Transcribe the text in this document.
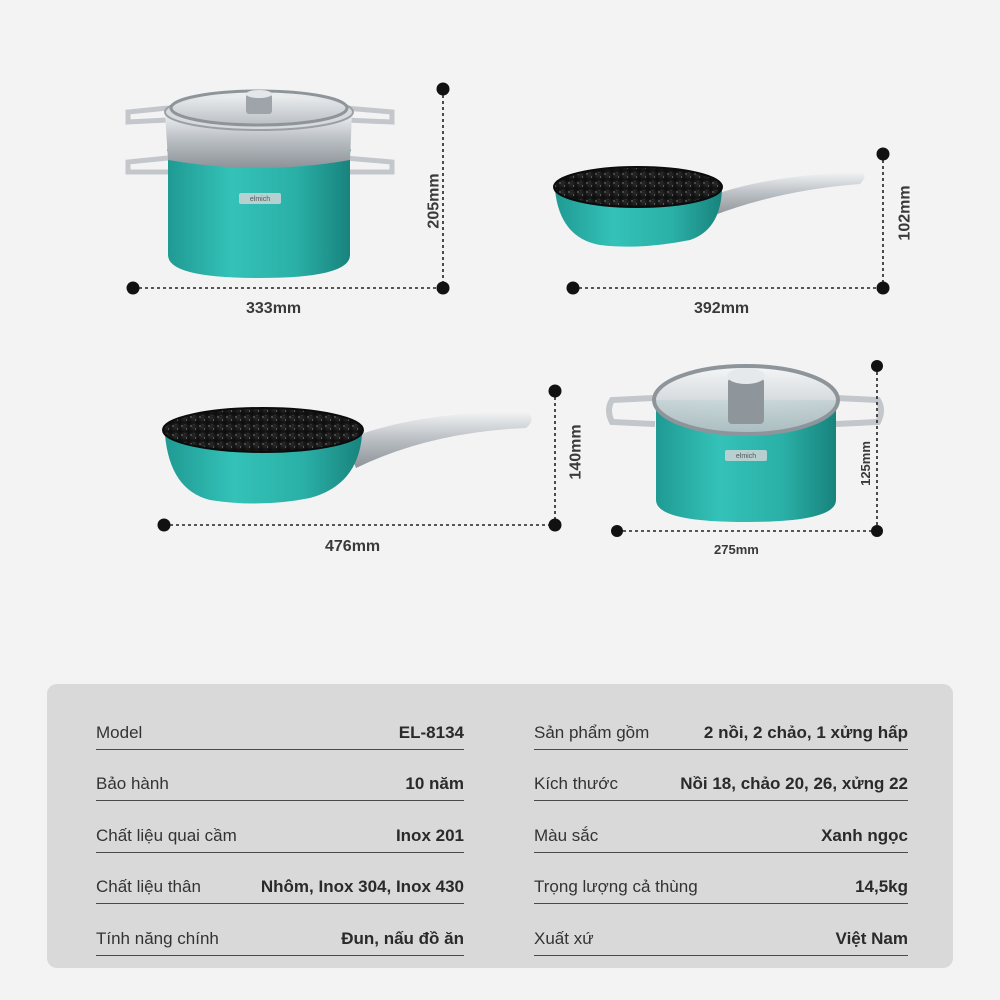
elmich
elmich
333mm
205mm
392mm
102mm
476mm
140mm
275mm
125mm
Model	EL-8134
Bảo hành	10 năm
Chất liệu quai cầm	Inox 201
Chất liệu thân	Nhôm, Inox 304, Inox 430
Tính năng chính	Đun, nấu đồ ăn
Sản phẩm gồm	2 nồi, 2 chảo, 1 xửng hấp
Kích thước	Nồi 18, chảo 20, 26, xửng 22
Màu sắc	Xanh ngọc
Trọng lượng cả thùng	14,5kg
Xuất xứ	Việt Nam
